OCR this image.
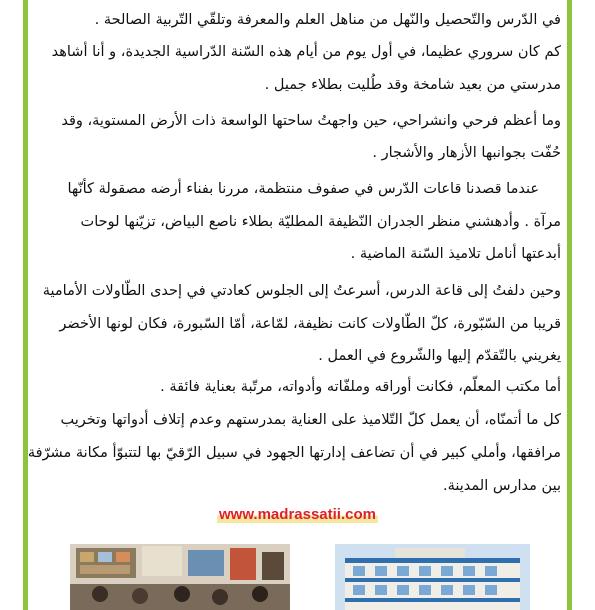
في الدّرس والتّحصيل والنّهل من مناهل العلم والمعرفة وتلقّي التّربية الصالحة .
كم كان سروري عظيما، في أول يوم من أيام هذه السّنة الدّراسية الجديدة، و أنا أشاهد
مدرستي من بعيد شامخة وقد طُليت بطلاء جميل .
وما أعظم فرحي وانشراحي، حين واجهتُ ساحتها الواسعة ذات الأرض المستوية، وقد
حُفّت بجوانبها الأزهار والأشجار .
عندما قصدنا قاعات الدّرس في صفوف منتظمة، مررنا بفناء أرضه مصقولة كأنّها
مرآة . وأدهشني منظر الجدران النّظيفة المطليّة بطلاء ناصع البياض، تزيّنها لوحات
أبدعتها أنامل تلاميذ السّنة الماضية .
وحين دلفتُ إلى قاعة الدرس، أسرعتُ إلى الجلوس كعادتي في إحدى الطّاولات الأمامية
قريبا من السّبّورة، كلّ الطّاولات كانت نظيفة، لمّاعة، أمّا السّبورة، فكان لونها الأخضر
يغريني بالتّقدّم إليها والشّروع في العمل .
أما مكتب المعلّم، فكانت أوراقه وملفّاته وأدواته، مرتّبة بعناية فائقة .
كل ما أتمنّاه، أن يعمل كلّ التّلاميذ على العناية بمدرستهم وعدم إتلاف أدواتها وتخريب
مرافقها، وأملي كبير في أن تضاعف إدارتها الجهود في سبيل الرّقيّ بها لتتبوّأ مكانة مشرّفة
بين مدارس المدينة.
www.madrassatii.com
